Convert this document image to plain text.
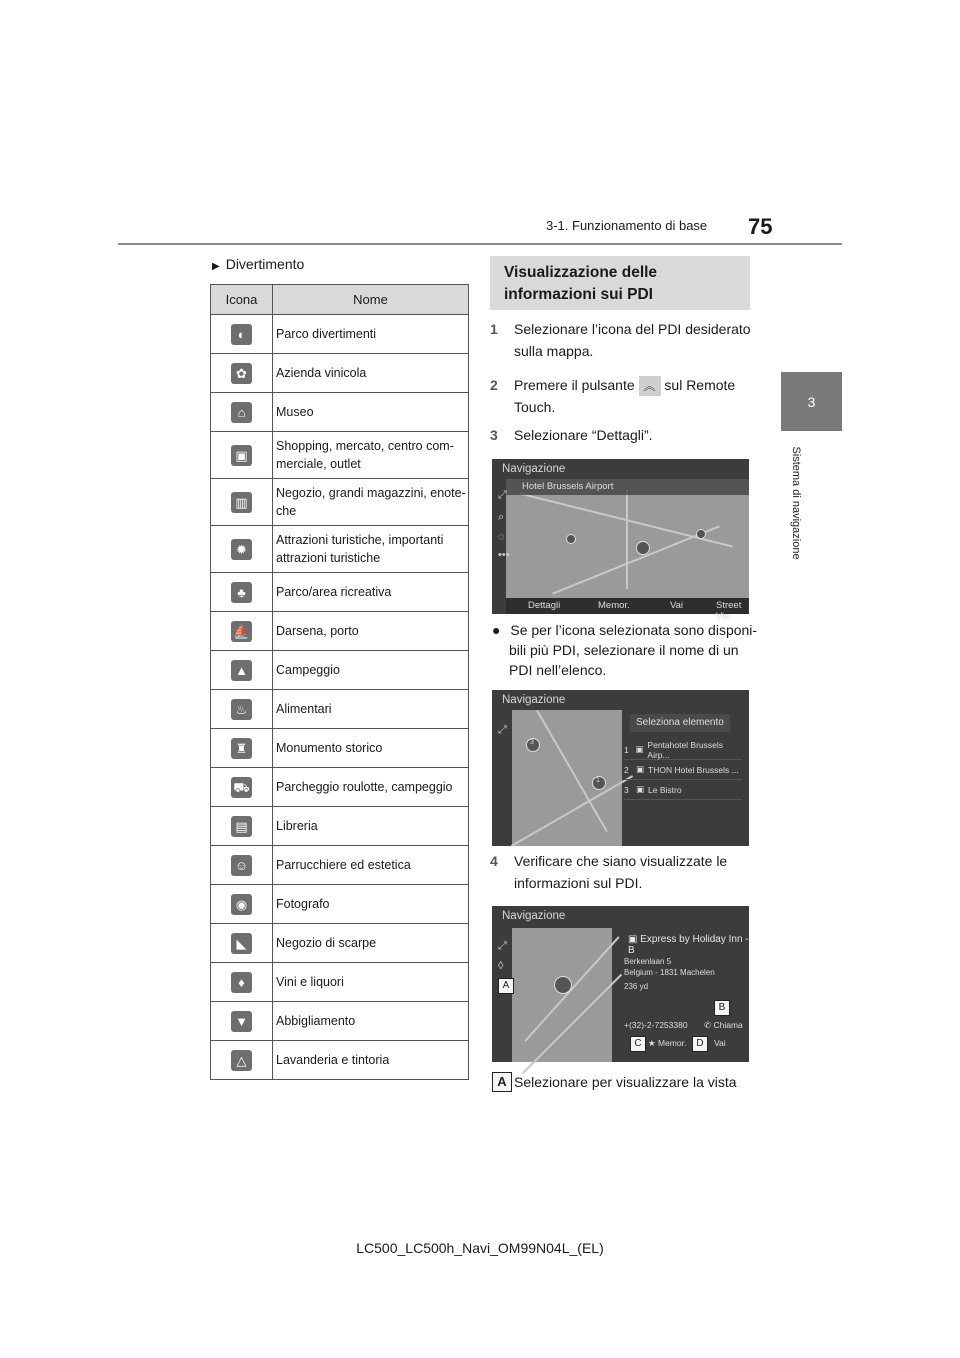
3-1. Funzionamento di base 75
3
Sistema di navigazione
▶ Divertimento
Icona	Nome
◐	Parco divertimenti
✿	Azienda vinicola
⌂	Museo
▣	Shopping, mercato, centro com-
merciale, outlet
▥	Negozio, grandi magazzini, enote-
che
✹	Attrazioni turistiche, importanti
attrazioni turistiche
♣	Parco/area ricreativa
⛵	Darsena, porto
▲	Campeggio
♨	Alimentari
♜	Monumento storico
⛟	Parcheggio roulotte, campeggio
▤	Libreria
☺	Parrucchiere ed estetica
◉	Fotografo
◣	Negozio di scarpe
♦	Vini e liquori
▼	Abbigliamento
△	Lavanderia e tintoria
Visualizzazione delle informazioni sui PDI
1 Selezionare l’icona del PDI desiderato
sulla mappa.
2 Premere il pulsante ︽ sul Remote
Touch.
3 Selezionare “Dettagli”.
Navigazione
Hotel Brussels Airport
⤢
⌕
◌
•••
Dettagli	Memor.	Vai	Street Vie
● Se per l’icona selezionata sono disponi-
bili più PDI, selezionare il nome di un
PDI nell’elenco.
Navigazione
3
1
⤢
Seleziona elemento
1 ▣ Pentahotel Brussels Airp...
2 ▣ THON Hotel Brussels ...
3 ▣ Le Bistro
4 Verificare che siano visualizzate le
informazioni sul PDI.
Navigazione
⤢
◊
A
▣ Express by Holiday Inn - B
Berkenlaan 5
Belgium - 1831 Machelen
236 yd
B
+(32)-2-7253380 ✆ Chiama
C ★ Memor.	D	Vai
A Selezionare per visualizzare la vista
LC500_LC500h_Navi_OM99N04L_(EL)
